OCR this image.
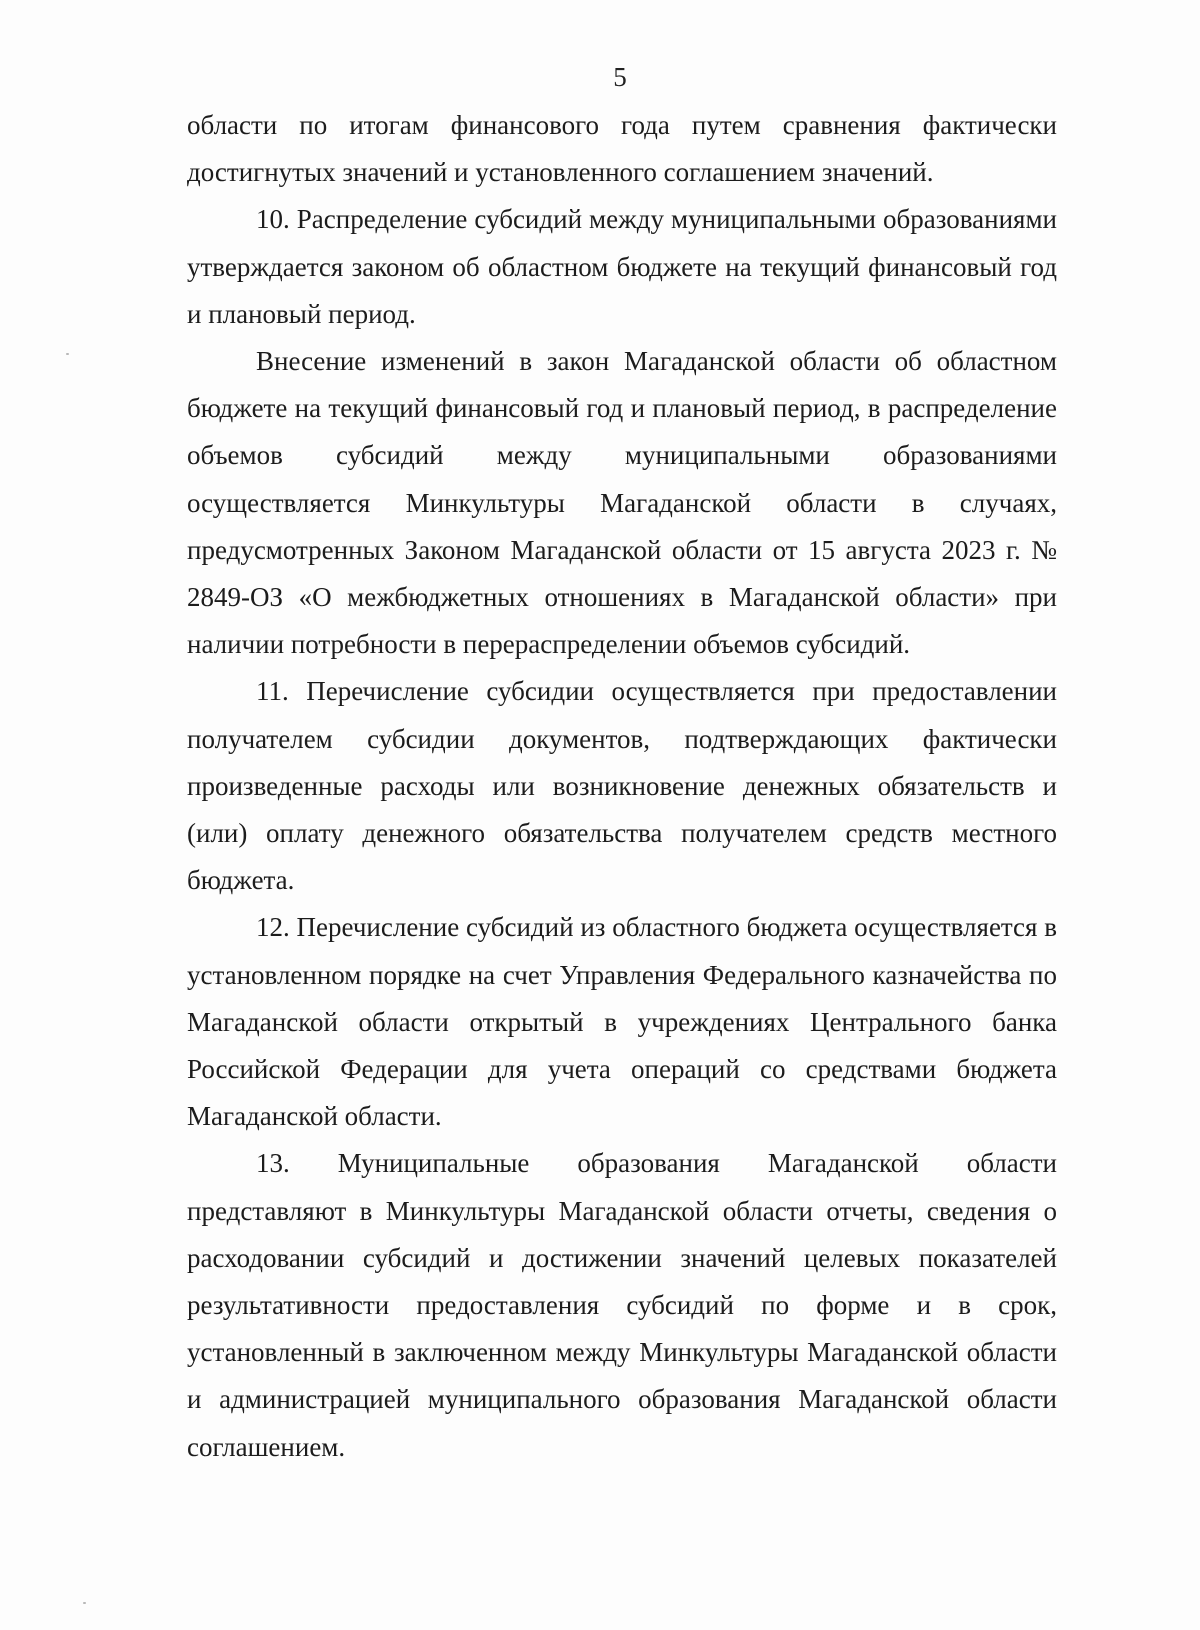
5

области по итогам финансового года путем сравнения фактически достигнутых значений и установленного соглашением значений.

10. Распределение субсидий между муниципальными образованиями утверждается законом об областном бюджете на текущий финансовый год и плановый период.

Внесение изменений в закон Магаданской области об областном бюджете на текущий финансовый год и плановый период, в распределение объемов субсидий между муниципальными образованиями осуществляется Минкультуры Магаданской области в случаях, предусмотренных Законом Магаданской области от 15 августа 2023 г. № 2849-ОЗ «О межбюджетных отношениях в Магаданской области» при наличии потребности в перераспределении объемов субсидий.

11. Перечисление субсидии осуществляется при предоставлении получателем субсидии документов, подтверждающих фактически произведенные расходы или возникновение денежных обязательств и (или) оплату денежного обязательства получателем средств местного бюджета.

12. Перечисление субсидий из областного бюджета осуществляется в установленном порядке на счет Управления Федерального казначейства по Магаданской области открытый в учреждениях Центрального банка Российской Федерации для учета операций со средствами бюджета Магаданской области.

13. Муниципальные образования Магаданской области представляют в Минкультуры Магаданской области отчеты, сведения о расходовании субсидий и достижении значений целевых показателей результативности предоставления субсидий по форме и в срок, установленный в заключенном между Минкультуры Магаданской области и администрацией муниципального образования Магаданской области соглашением.
